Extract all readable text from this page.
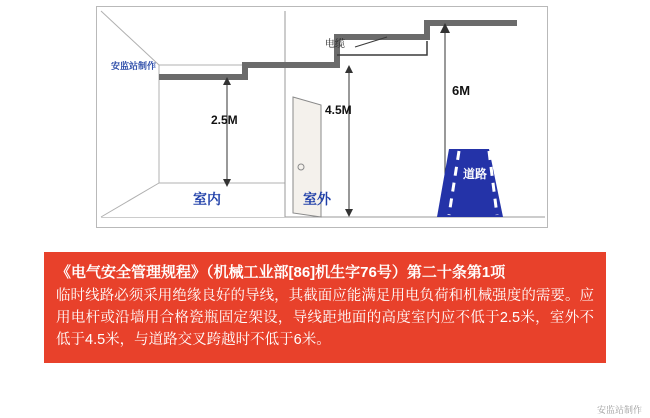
安监站制作
电缆
2.5M
4.5M
6M
室内	室外
道路

《电气安全管理规程》（机械工业部[86]机生字76号）第二十条第1项

临时线路必须采用绝缘良好的导线，其截面应能满足用电负荷和机械强度的需要。应用电杆或沿墙用合格瓷瓶固定架设，导线距地面的高度室内应不低于2.5米，室外不低于4.5米，与道路交叉跨越时不低于6米。

安监站制作
